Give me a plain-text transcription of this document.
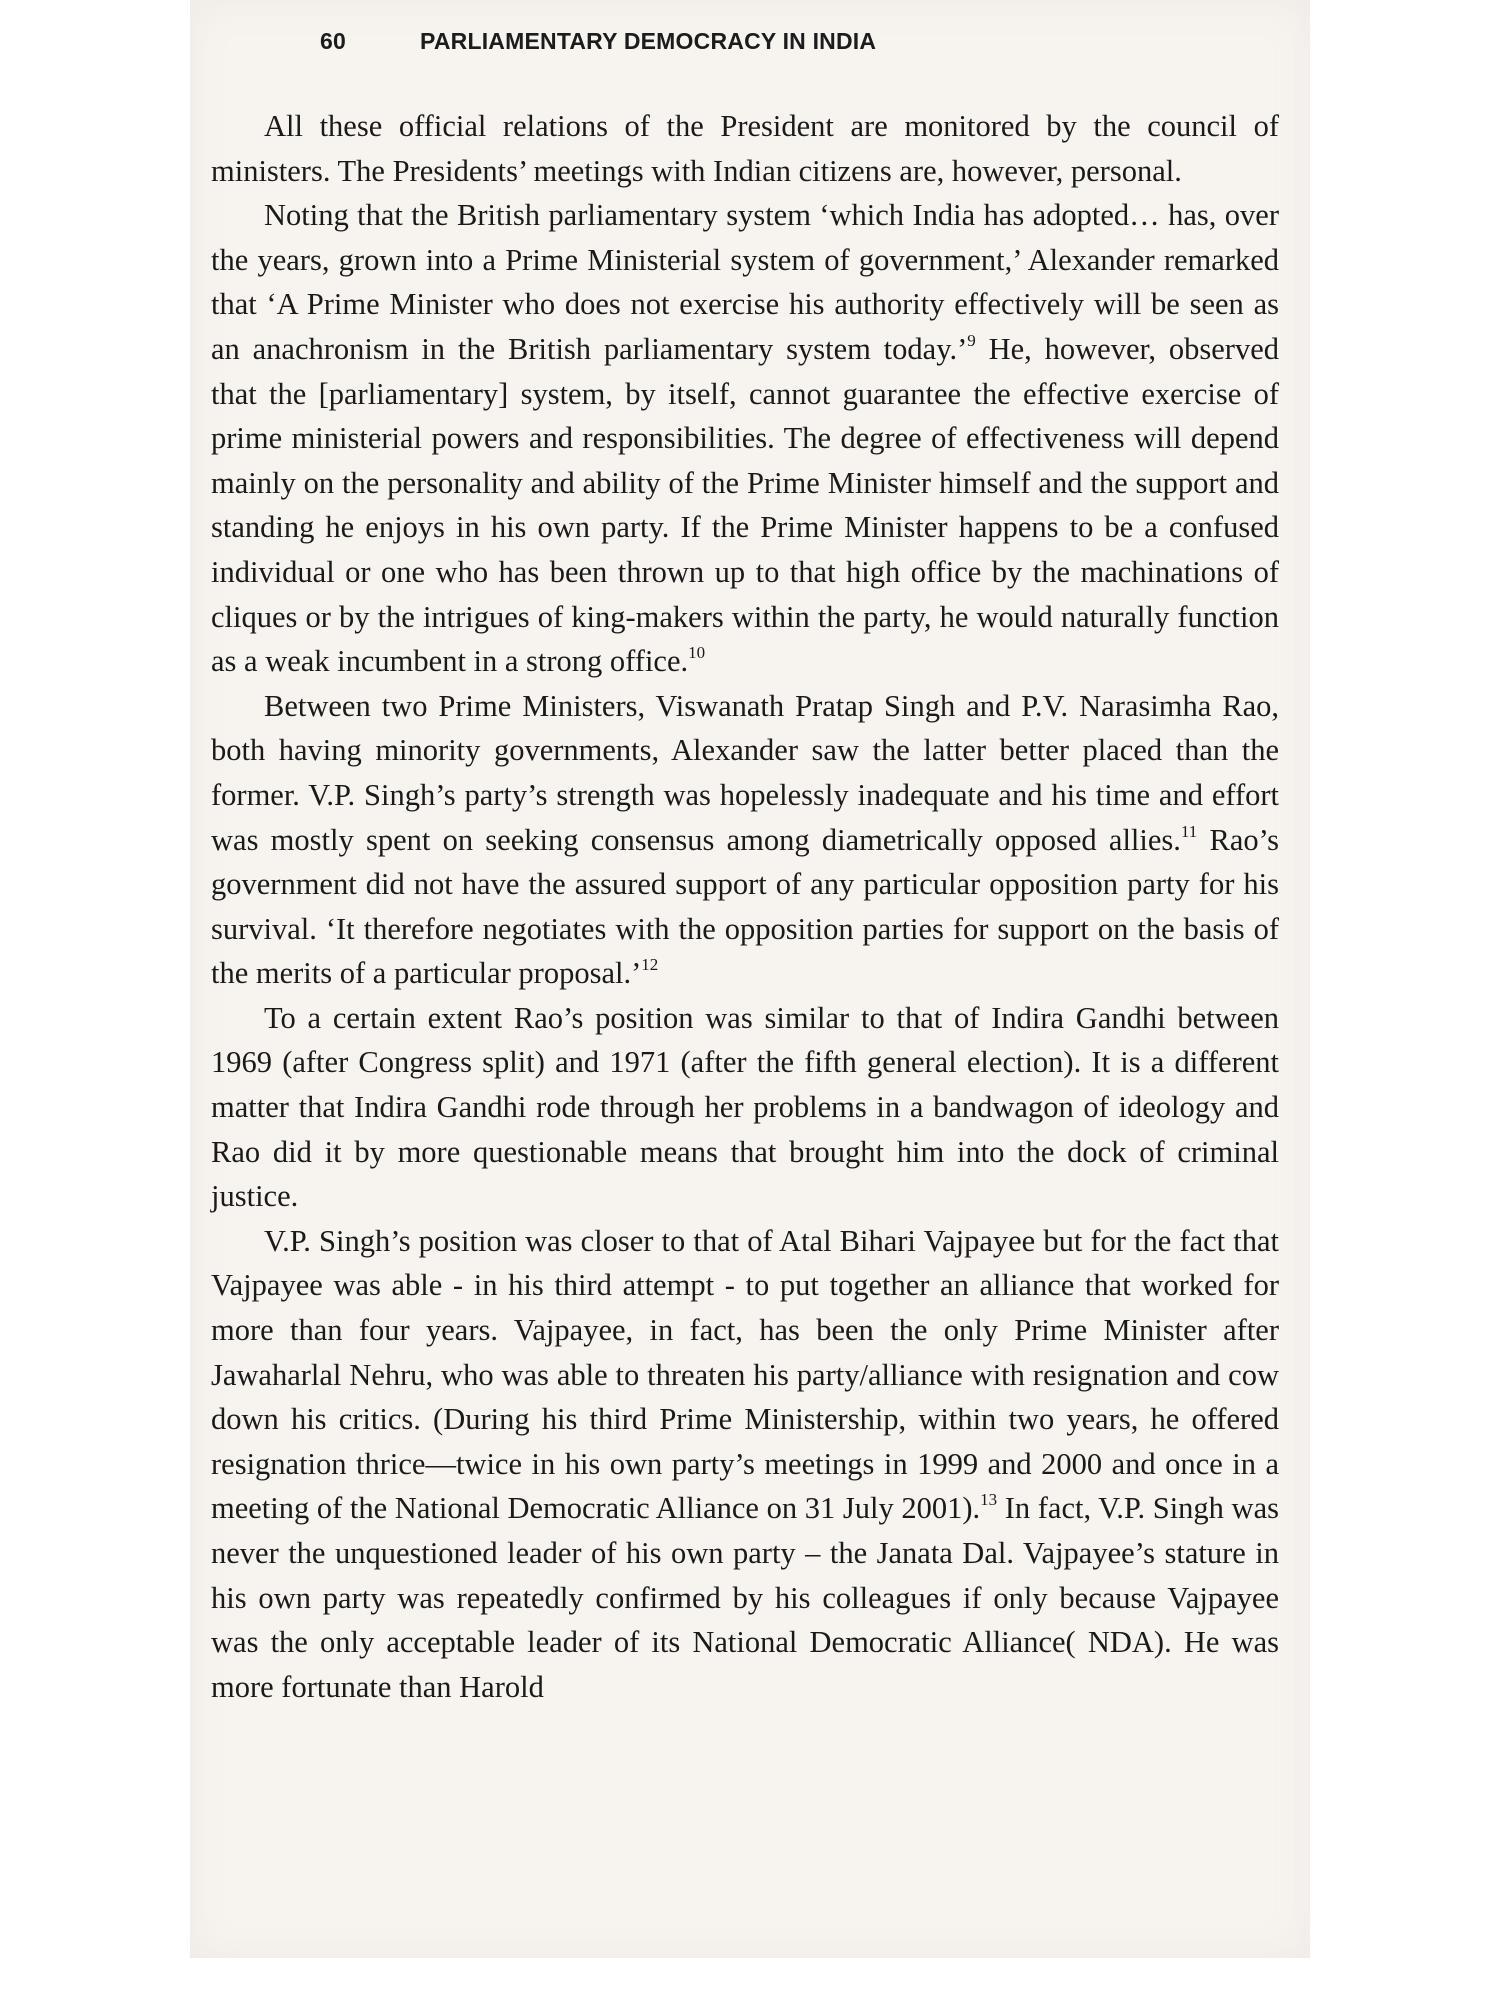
60	PARLIAMENTARY DEMOCRACY IN INDIA

All these official relations of the President are monitored by the council of ministers. The Presidents’ meetings with Indian citizens are, however, personal.

Noting that the British parliamentary system ‘which India has adopted… has, over the years, grown into a Prime Ministerial system of government,’ Alexander remarked that ‘A Prime Minister who does not exercise his authority effectively will be seen as an anachronism in the British parliamentary system today.’$^9$ He, however, observed that the [parliamentary] system, by itself, cannot guarantee the effective exercise of prime ministerial powers and responsibilities. The degree of effectiveness will depend mainly on the personality and ability of the Prime Minister himself and the support and standing he enjoys in his own party. If the Prime Minister happens to be a confused individual or one who has been thrown up to that high office by the machinations of cliques or by the intrigues of king-makers within the party, he would naturally function as a weak incumbent in a strong office.$^{10}$

Between two Prime Ministers, Viswanath Pratap Singh and P.V. Narasimha Rao, both having minority governments, Alexander saw the latter better placed than the former. V.P. Singh’s party’s strength was hopelessly inadequate and his time and effort was mostly spent on seeking consensus among diametrically opposed allies.$^{11}$ Rao’s government did not have the assured support of any particular opposition party for his survival. ‘It therefore negotiates with the opposition parties for support on the basis of the merits of a particular proposal.’$^{12}$

To a certain extent Rao’s position was similar to that of Indira Gandhi between 1969 (after Congress split) and 1971 (after the fifth general election). It is a different matter that Indira Gandhi rode through her problems in a bandwagon of ideology and Rao did it by more questionable means that brought him into the dock of criminal justice.

V.P. Singh’s position was closer to that of Atal Bihari Vajpayee but for the fact that Vajpayee was able - in his third attempt - to put together an alliance that worked for more than four years. Vajpayee, in fact, has been the only Prime Minister after Jawaharlal Nehru, who was able to threaten his party/alliance with resignation and cow down his critics. (During his third Prime Ministership, within two years, he offered resignation thrice—twice in his own party’s meetings in 1999 and 2000 and once in a meeting of the National Democratic Alliance on 31 July 2001).$^{13}$ In fact, V.P. Singh was never the unquestioned leader of his own party – the Janata Dal. Vajpayee’s stature in his own party was repeatedly confirmed by his colleagues if only because Vajpayee was the only acceptable leader of its National Democratic Alliance( NDA). He was more fortunate than Harold
